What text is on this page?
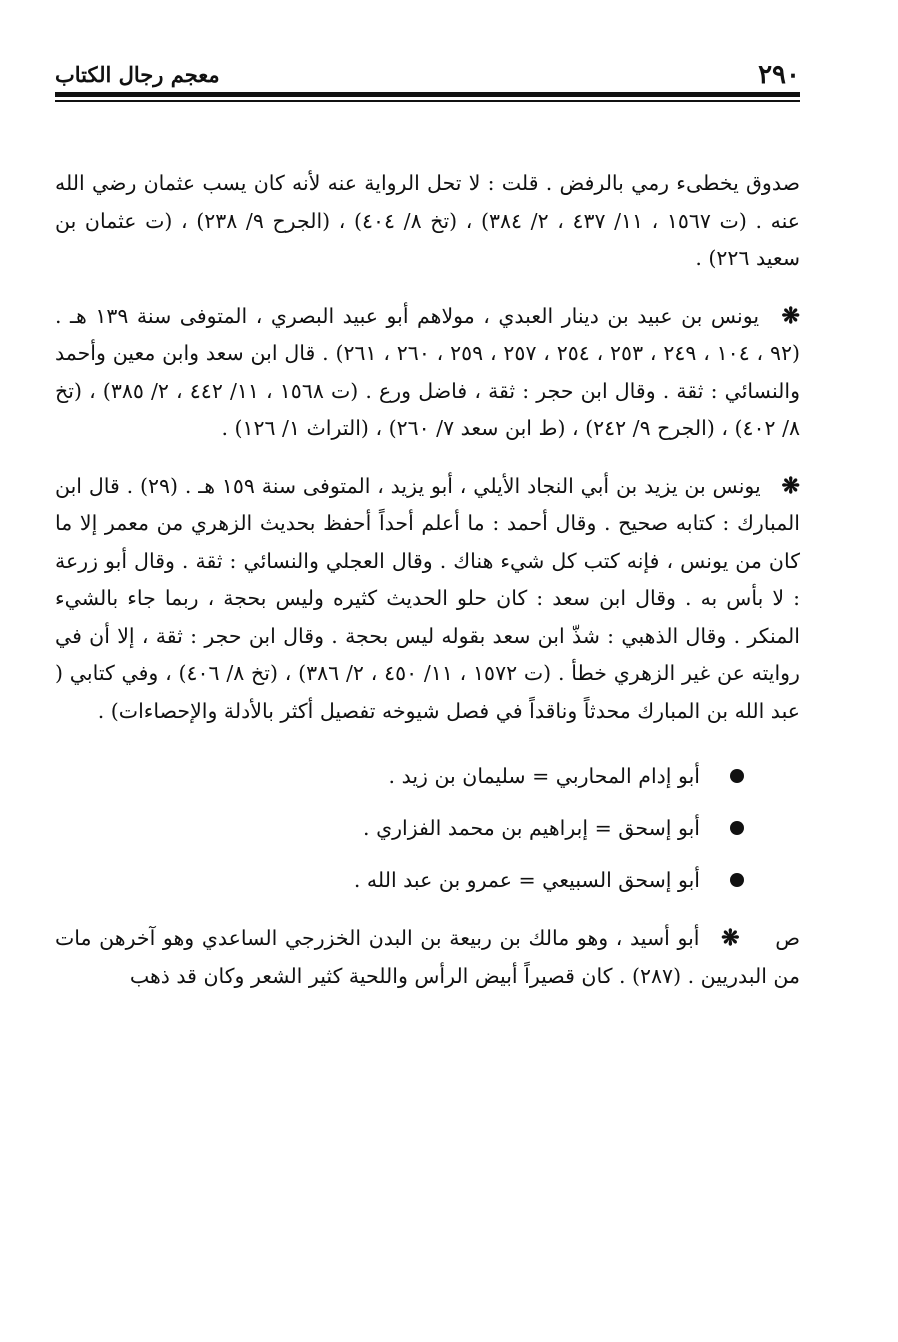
٢٩٠
معجم رجال الكتاب

صدوق يخطىء رمي بالرفض . قلت : لا تحل الرواية عنه لأنه كان يسب عثمان رضي الله عنه . (ت ١٥٦٧ ، ١١/ ٤٣٧ ، ٢/ ٣٨٤) ، (تخ ٨/ ٤٠٤) ، (الجرح ٩/ ٢٣٨) ، (ت عثمان بن سعيد ٢٢٦) .

❋ يونس بن عبيد بن دينار العبدي ، مولاهم أبو عبيد البصري ، المتوفى سنة ١٣٩ هـ . (٩٢ ، ١٠٤ ، ٢٤٩ ، ٢٥٣ ، ٢٥٤ ، ٢٥٧ ، ٢٥٩ ، ٢٦٠ ، ٢٦١) . قال ابن سعد وابن معين وأحمد والنسائي : ثقة . وقال ابن حجر : ثقة ، فاضل ورع . (ت ١٥٦٨ ، ١١/ ٤٤٢ ، ٢/ ٣٨٥) ، (تخ ٨/ ٤٠٢) ، (الجرح ٩/ ٢٤٢) ، (ط ابن سعد ٧/ ٢٦٠) ، (التراث ١/ ١٢٦) .

❋ يونس بن يزيد بن أبي النجاد الأيلي ، أبو يزيد ، المتوفى سنة ١٥٩ هـ . (٢٩) . قال ابن المبارك : كتابه صحيح . وقال أحمد : ما أعلم أحداً أحفظ بحديث الزهري من معمر إلا ما كان من يونس ، فإنه كتب كل شيء هناك . وقال العجلي والنسائي : ثقة . وقال أبو زرعة : لا بأس به . وقال ابن سعد : كان حلو الحديث كثيره وليس بحجة ، ربما جاء بالشيء المنكر . وقال الذهبي : شذّ ابن سعد بقوله ليس بحجة . وقال ابن حجر : ثقة ، إلا أن في روايته عن غير الزهري خطأ . (ت ١٥٧٢ ، ١١/ ٤٥٠ ، ٢/ ٣٨٦) ، (تخ ٨/ ٤٠٦) ، وفي كتابي ( عبد الله بن المبارك محدثاً وناقداً في فصل شيوخه تفصيل أكثر بالأدلة والإحصاءات) .

أبو إدام المحاربي = سليمان بن زيد .
أبو إسحق = إبراهيم بن محمد الفزاري .
أبو إسحق السبيعي = عمرو بن عبد الله .

ص ❋ أبو أسيد ، وهو مالك بن ربيعة بن البدن الخزرجي الساعدي وهو آخرهن مات من البدريين . (٢٨٧) . كان قصيراً أبيض الرأس واللحية كثير الشعر وكان قد ذهب
